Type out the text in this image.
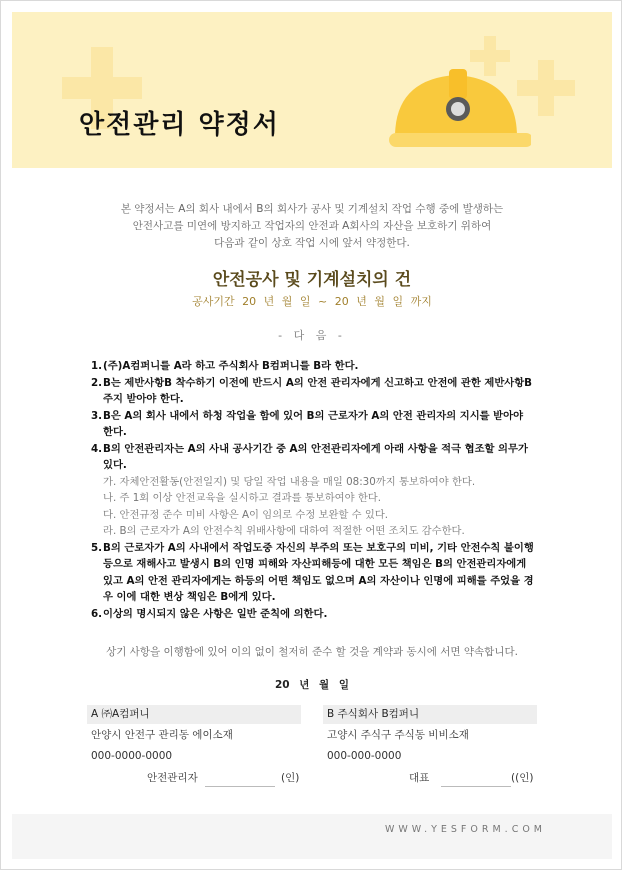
안전관리 약정서
본 약정서는 A의 회사 내에서 B의 회사가 공사 및 기계설치 작업 수행 중에 발생하는
안전사고를 미연에 방지하고 작업자의 안전과 A회사의 자산을 보호하기 위하여
다음과 같이 상호 작업 시에 앞서 약정한다.
안전공사 및 기계설치의 건
공사기간 20 년 월 일 ~ 20 년 월 일 까지
- 다 음 -
1. (주)A컴퍼니를 A라 하고 주식회사 B컴퍼니를 B라 한다.
2. B는 제반사항B 착수하기 이전에 반드시 A의 안전 관리자에게 신고하고 안전에 관한 제반사항B 주지 받아야 한다.
3. B은 A의 회사 내에서 하청 작업을 함에 있어 B의 근로자가 A의 안전 관리자의 지시를 받아야 한다.
4. B의 안전관리자는 A의 사내 공사기간 중 A의 안전관리자에게 아래 사항을 적극 협조할 의무가 있다.
가. 자체안전활동(안전일지) 및 당일 작업 내용을 매일 08:30까지 통보하여야 한다.
나. 주 1회 이상 안전교육을 실시하고 결과를 통보하여야 한다.
다. 안전규정 준수 미비 사항은 A이 임의로 수정 보완할 수 있다.
라. B의 근로자가 A의 안전수칙 위배사항에 대하여 적절한 어떤 조치도 감수한다.
5. B의 근로자가 A의 사내에서 작업도중 자신의 부주의 또는 보호구의 미비, 기타 안전수칙 불이행 등으로 재해사고 발생시 B의 인명 피해와 자산피해등에 대한 모든 책임은 B의 안전관리자에게 있고 A의 안전 관리자에게는 하등의 어떤 책임도 없으며 A의 자산이나 인명에 피해를 주었을 경우 이에 대한 변상 책임은 B에게 있다.
6. 이상의 명시되지 않은 사항은 일반 준칙에 의한다.
상기 사항을 이행함에 있어 이의 없이 철저히 준수 할 것을 계약과 동시에 서면 약속합니다.
20 년 월 일
A ㈜A컴퍼니
안양시 안전구 관리동 에이소재
000-0000-0000
안전관리자	(인)
B 주식회사 B컴퍼니
고양시 주식구 주식동 비비소재
000-000-0000
대표	((인)
WWW.YESFORM.COM
